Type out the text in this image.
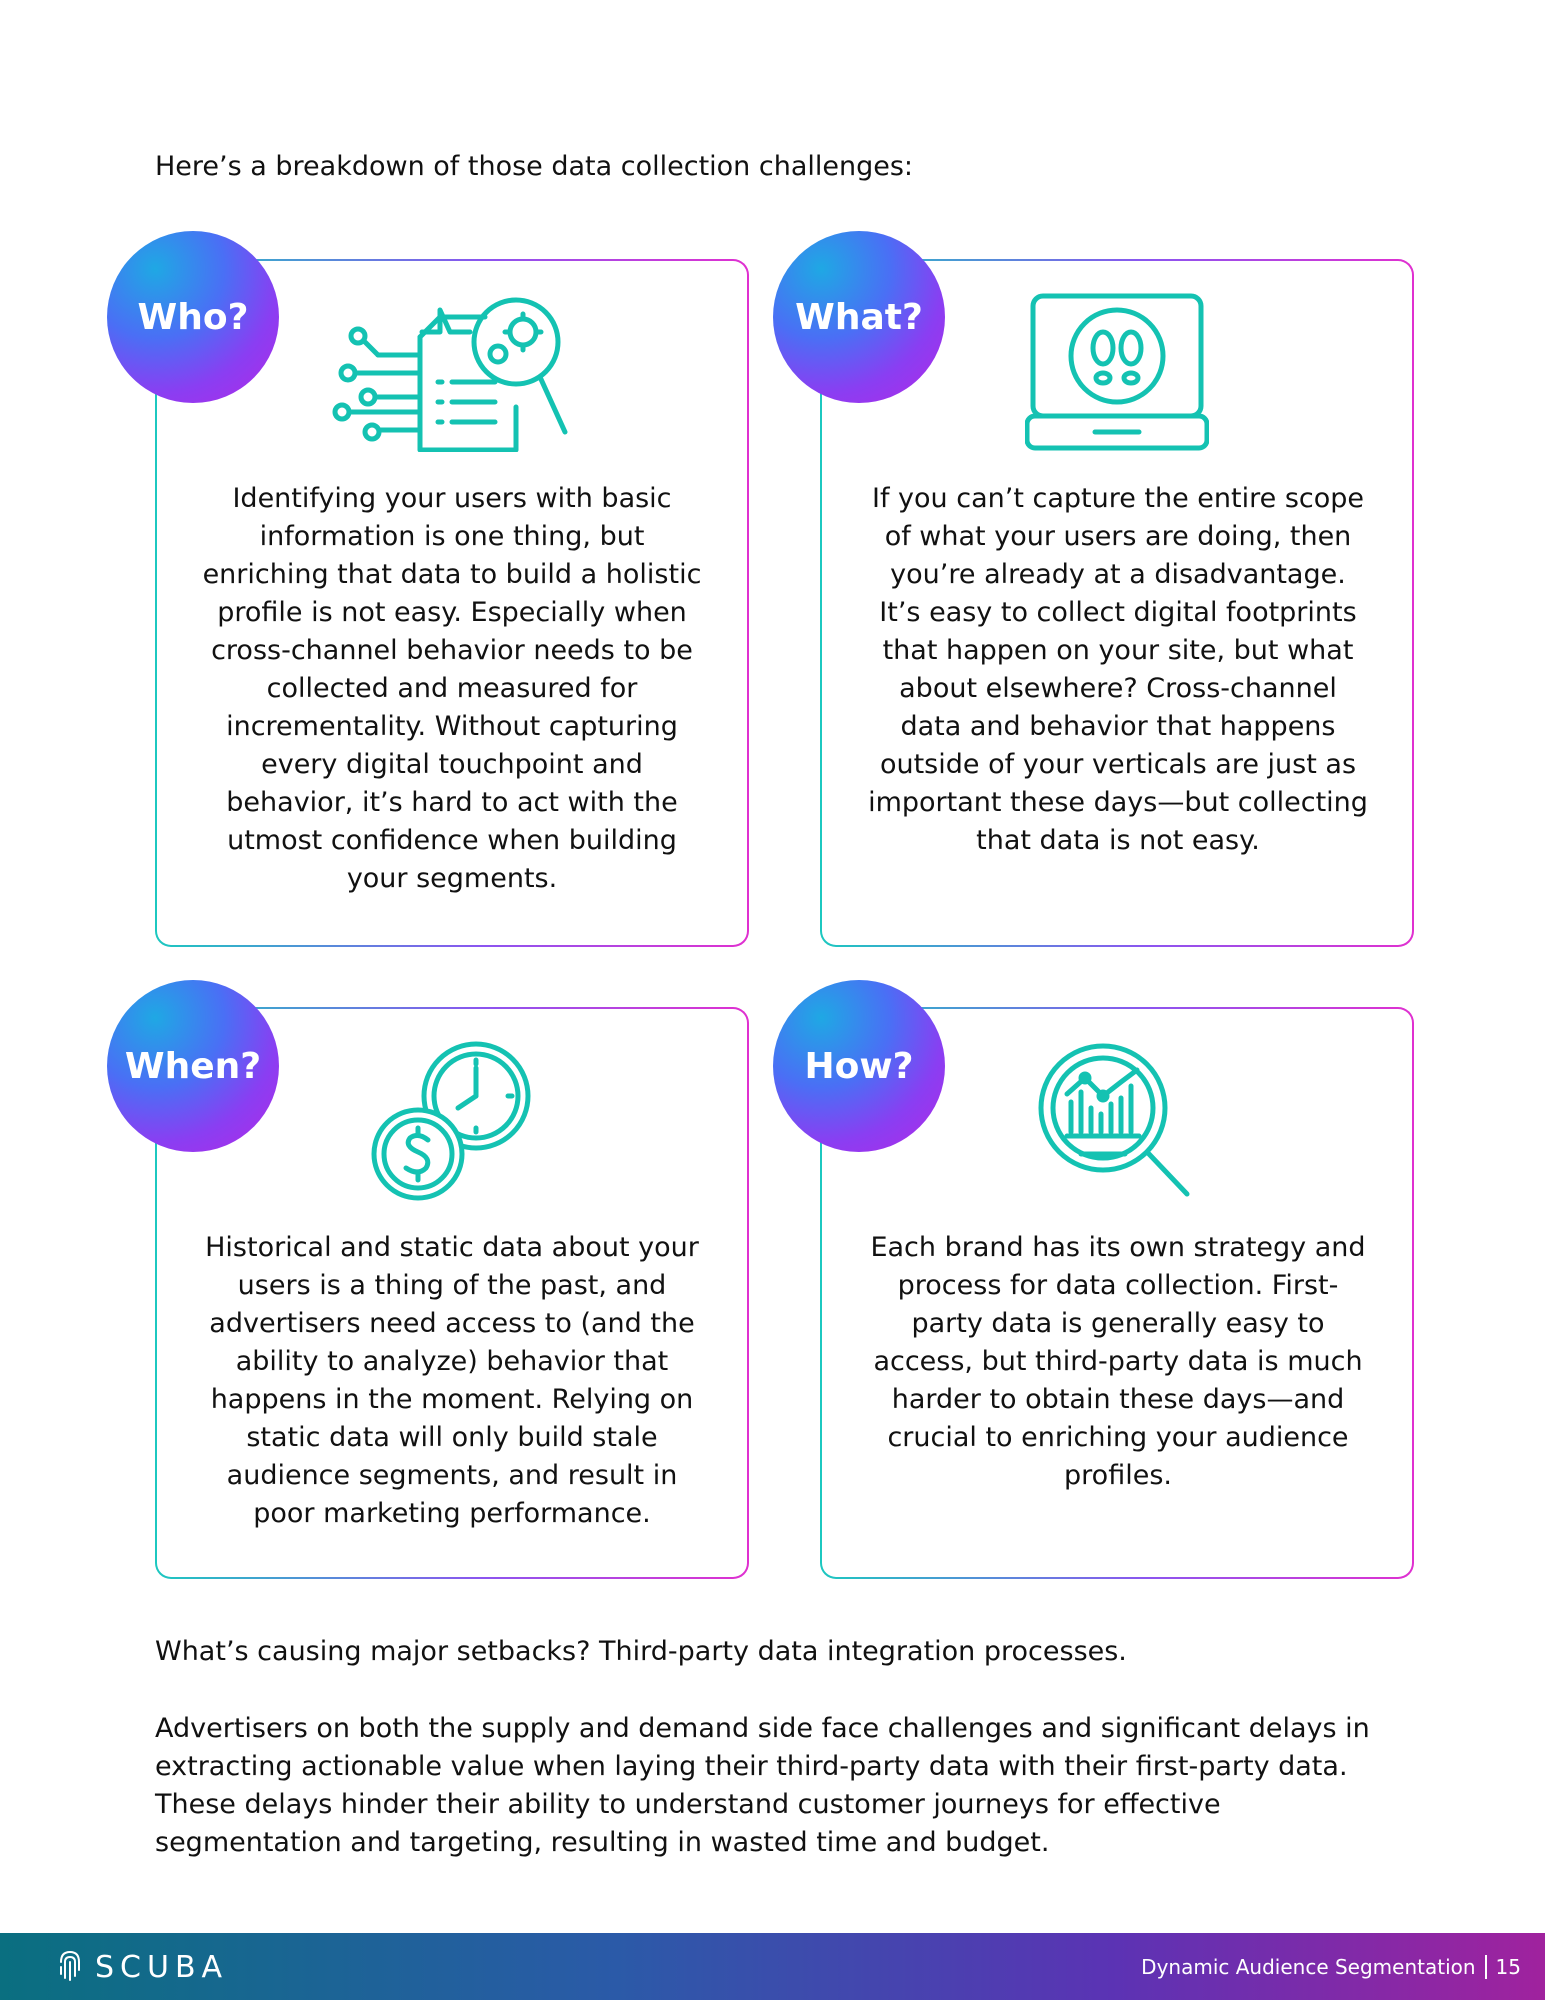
Here’s a breakdown of those data collection challenges:

Who?

Identifying your users with basic information is one thing, but enriching that data to build a holistic profile is not easy. Especially when cross-channel behavior needs to be collected and measured for incrementality. Without capturing every digital touchpoint and behavior, it’s hard to act with the utmost confidence when building your segments.

What?

If you can’t capture the entire scope of what your users are doing, then you’re already at a disadvantage. It’s easy to collect digital footprints that happen on your site, but what about elsewhere? Cross-channel data and behavior that happens outside of your verticals are just as important these days—but collecting that data is not easy.

When?

Historical and static data about your users is a thing of the past, and advertisers need access to (and the ability to analyze) behavior that happens in the moment. Relying on static data will only build stale audience segments, and result in poor marketing performance.

How?

Each brand has its own strategy and process for data collection. First-party data is generally easy to access, but third-party data is much harder to obtain these days—and crucial to enriching your audience profiles.

What’s causing major setbacks? Third-party data integration processes.

Advertisers on both the supply and demand side face challenges and significant delays in extracting actionable value when laying their third-party data with their first-party data. These delays hinder their ability to understand customer journeys for effective segmentation and targeting, resulting in wasted time and budget.

SCUBA	Dynamic Audience Segmentation 15
